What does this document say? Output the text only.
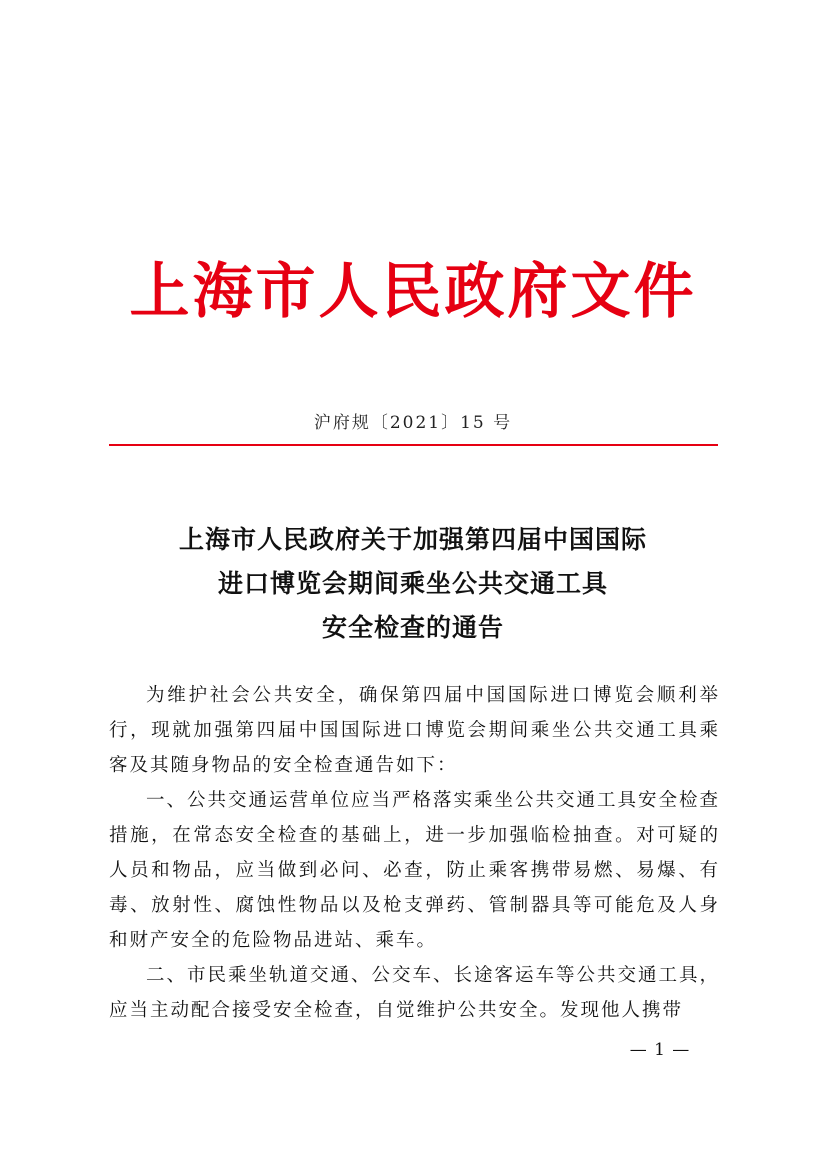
上海市人民政府文件
沪府规〔2021〕15 号
上海市人民政府关于加强第四届中国国际
进口博览会期间乘坐公共交通工具
安全检查的通告

为维护社会公共安全，确保第四届中国国际进口博览会顺利举行，现就加强第四届中国国际进口博览会期间乘坐公共交通工具乘客及其随身物品的安全检查通告如下：

一、公共交通运营单位应当严格落实乘坐公共交通工具安全检查措施，在常态安全检查的基础上，进一步加强临检抽查。对可疑的人员和物品，应当做到必问、必查，防止乘客携带易燃、易爆、有毒、放射性、腐蚀性物品以及枪支弹药、管制器具等可能危及人身和财产安全的危险物品进站、乘车。

二、市民乘坐轨道交通、公交车、长途客运车等公共交通工具，应当主动配合接受安全检查，自觉维护公共安全。发现他人携带

— 1 —
